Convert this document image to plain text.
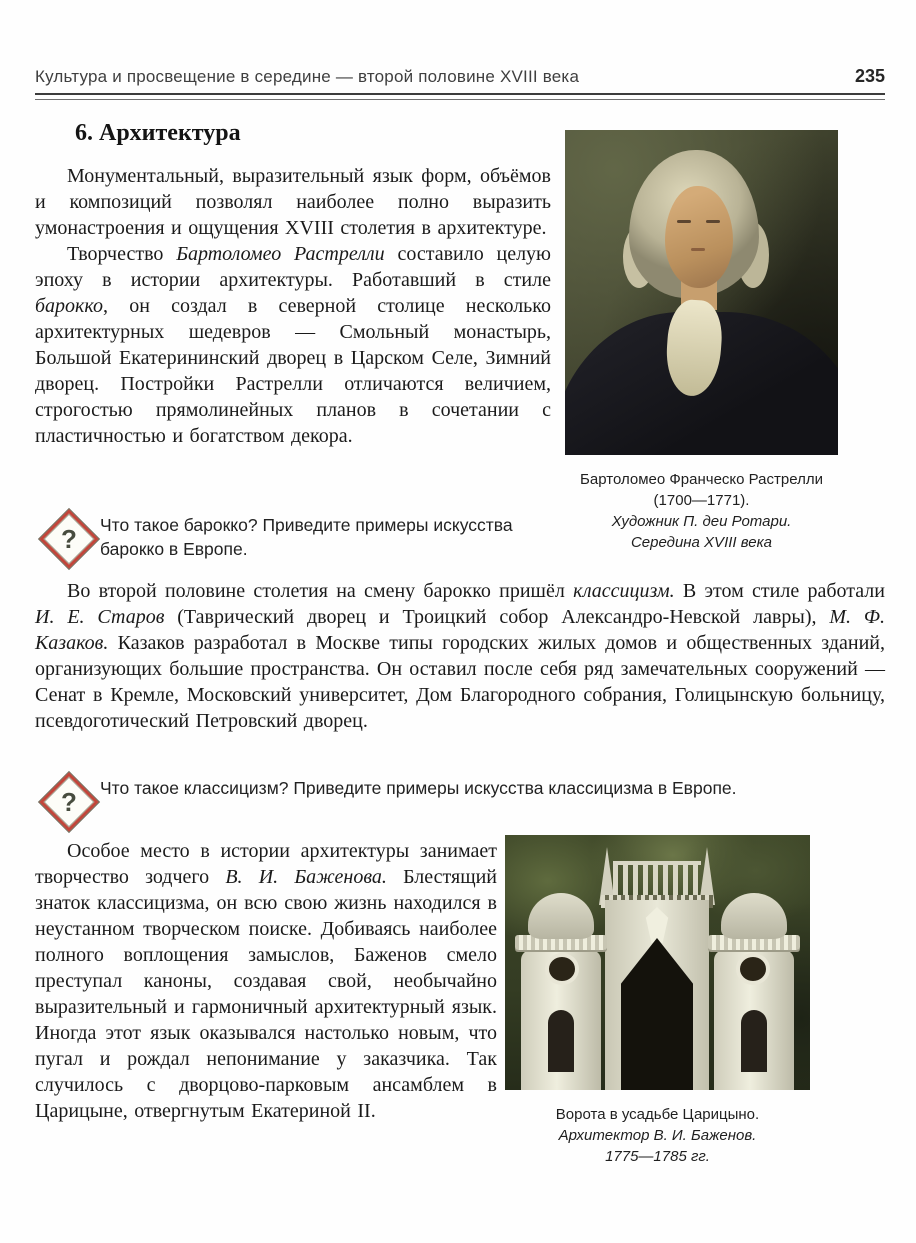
Культура и просвещение в середине — второй половине XVIII века	235
6. Архитектура

Монументальный, выразительный язык форм, объёмов и композиций позволял наиболее полно выразить умонастроения и ощущения XVIII столетия в архитектуре.

Творчество Бартоломео Растрелли составило целую эпоху в истории архитектуры. Работавший в стиле барокко, он создал в северной столице несколько архитектурных шедевров — Смольный монастырь, Большой Екатерининский дворец в Царском Селе, Зимний дворец. Постройки Растрелли отличаются величием, строгостью прямолинейных планов в сочетании с пластичностью и богатством декора.

Бартоломео Франческо Растрелли (1700—1771).
Художник П. деи Ротари.
Середина XVIII века
? Что такое барокко? Приведите примеры искусства барокко в Европе.

Во второй половине столетия на смену барокко пришёл классицизм. В этом стиле работали И. Е. Старов (Таврический дворец и Троицкий собор Александро-Невской лавры), М. Ф. Казаков. Казаков разработал в Москве типы городских жилых домов и общественных зданий, организующих большие пространства. Он оставил после себя ряд замечательных сооружений — Сенат в Кремле, Московский университет, Дом Благородного собрания, Голицынскую больницу, псевдоготический Петровский дворец.

? Что такое классицизм? Приведите примеры искусства классицизма в Европе.

Особое место в истории архитектуры занимает творчество зодчего В. И. Баженова. Блестящий знаток классицизма, он всю свою жизнь находился в неустанном творческом поиске. Добиваясь наиболее полного воплощения замыслов, Баженов смело преступал каноны, создавая свой, необычайно выразительный и гармоничный архитектурный язык. Иногда этот язык оказывался настолько новым, что пугал и рождал непонимание у заказчика. Так случилось с дворцово-парковым ансамблем в Царицыне, отвергнутым Екатериной II.	Ворота в усадьбе Царицыно.
Архитектор В. И. Баженов.
1775—1785 гг.
